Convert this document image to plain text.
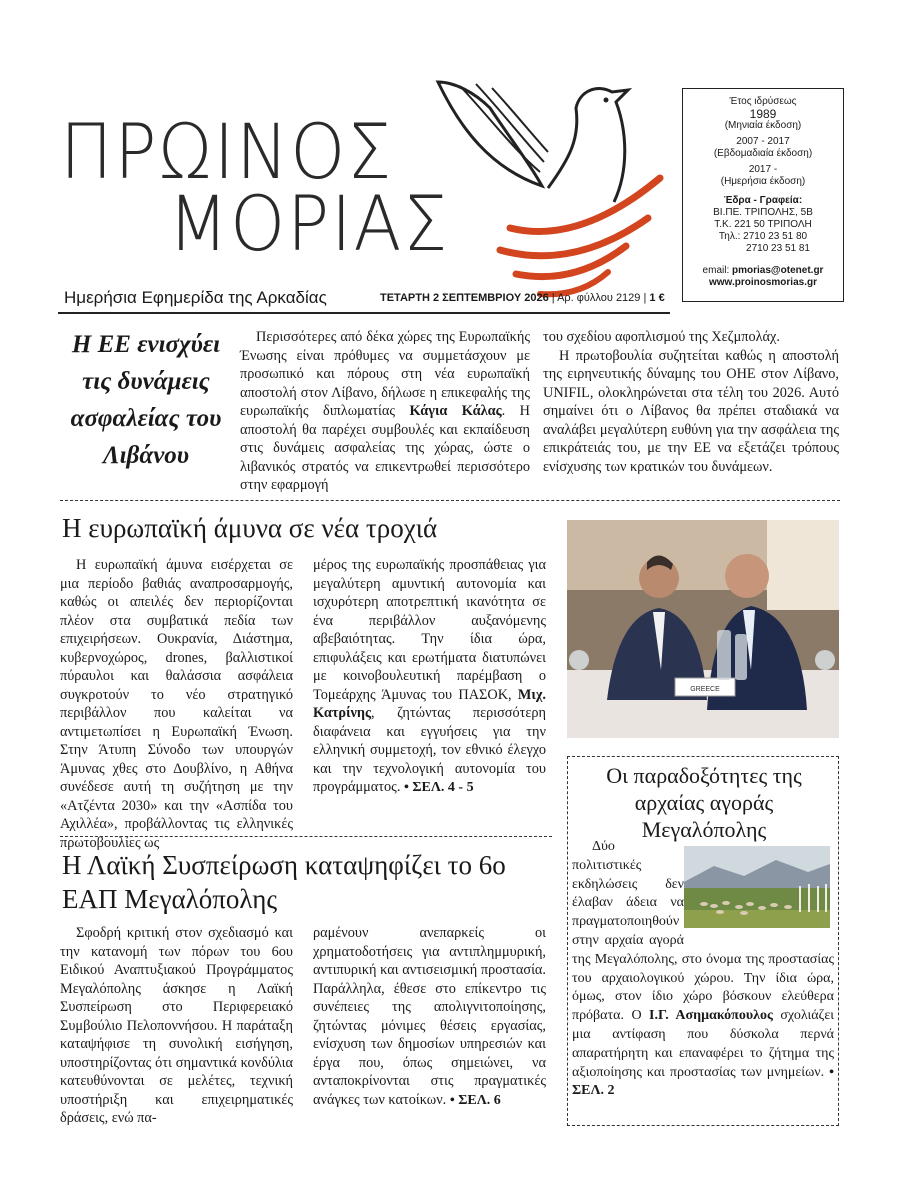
ΠΡΩΙΝΟΣ
ΜΟΡΙΑΣ
Ημερήσια Εφημερίδα της Αρκαδίας	ΤΕΤΑΡΤΗ 2 ΣΕΠΤΕΜΒΡΙΟΥ 2026 | Αρ. φύλλου 2129 | 1 €
Έτος ιδρύσεως
1989
(Μηνιαία έκδοση)
2007 - 2017
(Εβδομαδιαία έκδοση)
2017 -
(Ημερήσια έκδοση)
Έδρα - Γραφεία:
ΒΙ.ΠΕ. ΤΡΙΠΟΛΗΣ, 5Β
Τ.Κ. 221 50 ΤΡΙΠΟΛΗ
Τηλ.: 2710 23 51 80
2710 23 51 81
email: pmorias@otenet.gr
www.proinosmorias.gr
Η ΕΕ ενισχύει τις δυνάμεις ασφαλείας του Λιβάνου

Περισσότερες από δέκα χώρες της Ευρωπαϊκής Ένωσης είναι πρόθυμες να συμμετάσχουν με προσωπικό και πόρους στη νέα ευρωπαϊκή αποστολή στον Λίβανο, δήλωσε η επικεφαλής της ευρωπαϊκής διπλωματίας Κάγια Κάλας. Η αποστολή θα παρέχει συμβουλές και εκπαίδευση στις δυνάμεις ασφαλείας της χώρας, ώστε ο λιβανικός στρατός να επικεντρωθεί περισσότερο στην εφαρμογή

του σχεδίου αφοπλισμού της Χεζμπολάχ.

Η πρωτοβουλία συζητείται καθώς η αποστολή της ειρηνευτικής δύναμης του ΟΗΕ στον Λίβανο, UNIFIL, ολοκληρώνεται στα τέλη του 2026. Αυτό σημαίνει ότι ο Λίβανος θα πρέπει σταδιακά να αναλάβει μεγαλύτερη ευθύνη για την ασφάλεια της επικράτειάς του, με την ΕΕ να εξετάζει τρόπους ενίσχυσης των κρατικών του δυνάμεων.

Η ευρωπαϊκή άμυνα σε νέα τροχιά

Η ευρωπαϊκή άμυνα εισέρχεται σε μια περίοδο βαθιάς αναπροσαρμογής, καθώς οι απειλές δεν περιορίζονται πλέον στα συμβατικά πεδία των επιχειρήσεων. Ουκρανία, Διάστημα, κυβερνοχώρος, drones, βαλλιστικοί πύραυλοι και θαλάσσια ασφάλεια συγκροτούν το νέο στρατηγικό περιβάλλον που καλείται να αντιμετωπίσει η Ευρωπαϊκή Ένωση. Στην Άτυπη Σύνοδο των υπουργών Άμυνας χθες στο Δουβλίνο, η Αθήνα συνέδεσε αυτή τη συζήτηση με την «Ατζέντα 2030» και την «Ασπίδα του Αχιλλέα», προβάλλοντας τις ελληνικές πρωτοβουλίες ως

μέρος της ευρωπαϊκής προσπάθειας για μεγαλύτερη αμυντική αυτονομία και ισχυρότερη αποτρεπτική ικανότητα σε ένα περιβάλλον αυξανόμενης αβεβαιότητας. Την ίδια ώρα, επιφυλάξεις και ερωτήματα διατυπώνει με κοινοβουλευτική παρέμβαση ο Τομεάρχης Άμυνας του ΠΑΣΟΚ, Μιχ. Κατρίνης, ζητώντας περισσότερη διαφάνεια και εγγυήσεις για την ελληνική συμμετοχή, τον εθνικό έλεγχο και την τεχνολογική αυτονομία του προγράμματος. • ΣΕΛ. 4 - 5

GREECE
Η Λαϊκή Συσπείρωση καταψηφίζει το 6ο ΕΑΠ Μεγαλόπολης

Σφοδρή κριτική στον σχεδιασμό και την κατανομή των πόρων του 6ου Ειδικού Αναπτυξιακού Προγράμματος Μεγαλόπολης άσκησε η Λαϊκή Συσπείρωση στο Περιφερειακό Συμβούλιο Πελοποννήσου. Η παράταξη καταψήφισε τη συνολική εισήγηση, υποστηρίζοντας ότι σημαντικά κονδύλια κατευθύνονται σε μελέτες, τεχνική υποστήριξη και επιχειρηματικές δράσεις, ενώ πα-

ραμένουν ανεπαρκείς οι χρηματοδοτήσεις για αντιπλημμυρική, αντιπυρική και αντισεισμική προστασία. Παράλληλα, έθεσε στο επίκεντρο τις συνέπειες της απολιγνιτοποίησης, ζητώντας μόνιμες θέσεις εργασίας, ενίσχυση των δημοσίων υπηρεσιών και έργα που, όπως σημειώνει, να ανταποκρίνονται στις πραγματικές ανάγκες των κατοίκων. • ΣΕΛ. 6

Οι παραδοξότητες της αρχαίας αγοράς Μεγαλόπολης

Δύο πολιτιστικές εκδηλώσεις δεν έλαβαν άδεια να πραγματοποιηθούν στην αρχαία αγορά της Μεγαλόπολης, στο όνομα της προστασίας του αρχαιολογικού χώρου. Την ίδια ώρα, όμως, στον ίδιο χώρο βόσκουν ελεύθερα πρόβατα. Ο Ι.Γ. Ασημακόπουλος σχολιάζει μια αντίφαση που δύσκολα περνά απαρατήρητη και επαναφέρει το ζήτημα της αξιοποίησης και προστασίας των μνημείων. • ΣΕΛ. 2
